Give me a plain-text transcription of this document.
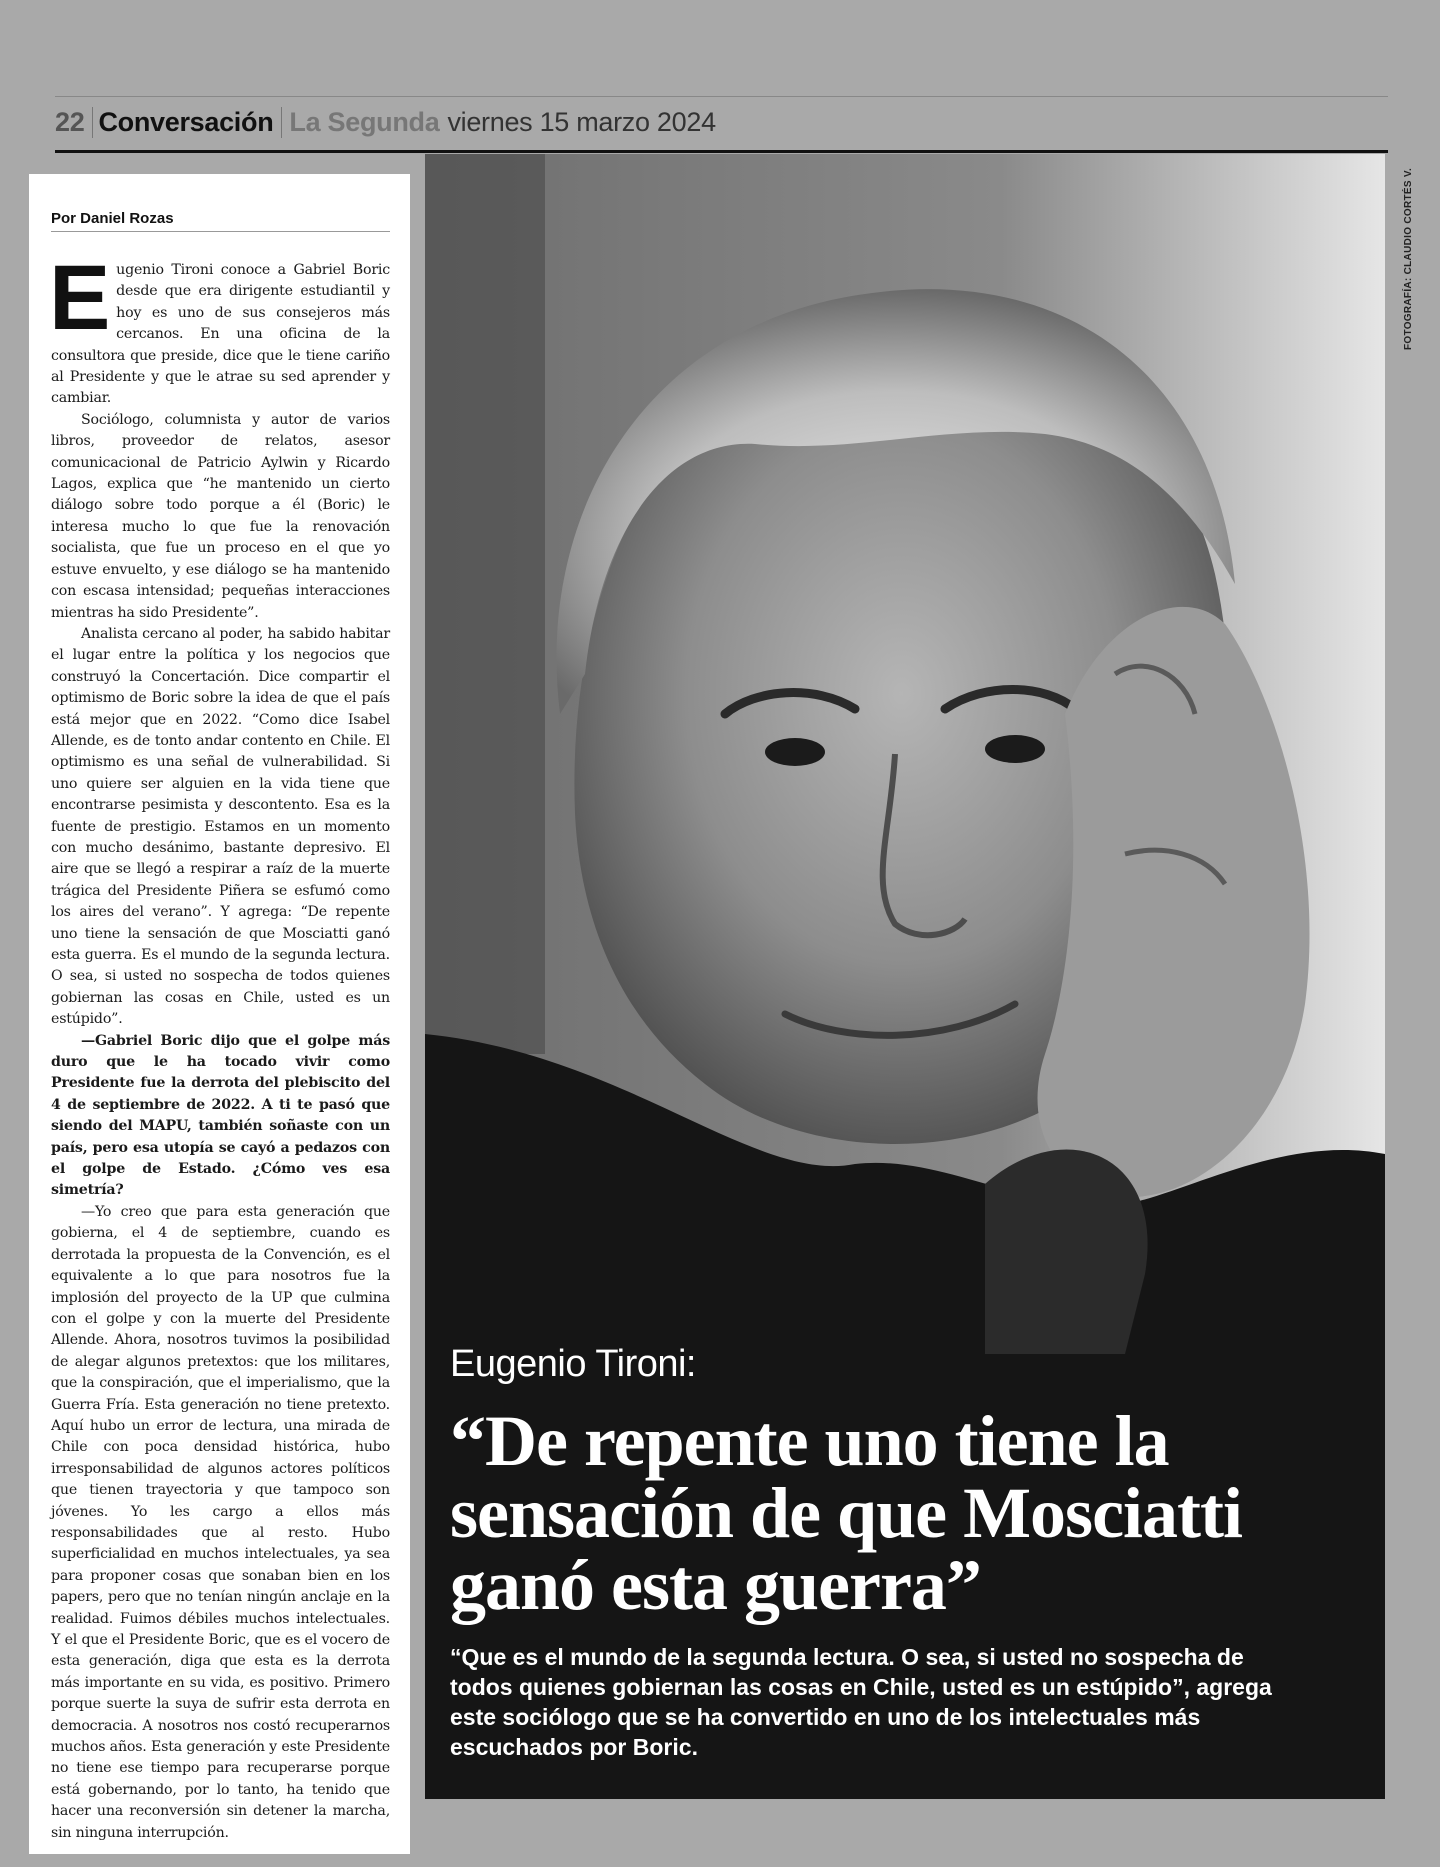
22 Conversación La Segunda viernes 15 marzo 2024
Por Daniel Rozas

Eugenio Tironi conoce a Gabriel Boric desde que era dirigente estudiantil y hoy es uno de sus consejeros más cercanos. En una oficina de la consultora que preside, dice que le tiene cariño al Presidente y que le atrae su sed aprender y cambiar.

Sociólogo, columnista y autor de varios libros, proveedor de relatos, asesor comunicacional de Patricio Aylwin y Ricardo Lagos, explica que “he mantenido un cierto diálogo sobre todo porque a él (Boric) le interesa mucho lo que fue la renovación socialista, que fue un proceso en el que yo estuve envuelto, y ese diálogo se ha mantenido con escasa intensidad; pequeñas interacciones mientras ha sido Presidente”.

Analista cercano al poder, ha sabido habitar el lugar entre la política y los negocios que construyó la Concertación. Dice compartir el optimismo de Boric sobre la idea de que el país está mejor que en 2022. “Como dice Isabel Allende, es de tonto andar contento en Chile. El optimismo es una señal de vulnerabilidad. Si uno quiere ser alguien en la vida tiene que encontrarse pesimista y descontento. Esa es la fuente de prestigio. Estamos en un momento con mucho desánimo, bastante depresivo. El aire que se llegó a respirar a raíz de la muerte trágica del Presidente Piñera se esfumó como los aires del verano”. Y agrega: “De repente uno tiene la sensación de que Mosciatti ganó esta guerra. Es el mundo de la segunda lectura. O sea, si usted no sospecha de todos quienes gobiernan las cosas en Chile, usted es un estúpido”.

—Gabriel Boric dijo que el golpe más duro que le ha tocado vivir como Presidente fue la derrota del plebiscito del 4 de septiembre de 2022. A ti te pasó que siendo del MAPU, también soñaste con un país, pero esa utopía se cayó a pedazos con el golpe de Estado. ¿Cómo ves esa simetría?

—Yo creo que para esta generación que gobierna, el 4 de septiembre, cuando es derrotada la propuesta de la Convención, es el equivalente a lo que para nosotros fue la implosión del proyecto de la UP que culmina con el golpe y con la muerte del Presidente Allende. Ahora, nosotros tuvimos la posibilidad de alegar algunos pretextos: que los militares, que la conspiración, que el imperialismo, que la Guerra Fría. Esta generación no tiene pretexto. Aquí hubo un error de lectura, una mirada de Chile con poca densidad histórica, hubo irresponsabilidad de algunos actores políticos que tienen trayectoria y que tampoco son jóvenes. Yo les cargo a ellos más responsabilidades que al resto. Hubo superficialidad en muchos intelectuales, ya sea para proponer cosas que sonaban bien en los papers, pero que no tenían ningún anclaje en la realidad. Fuimos débiles muchos intelectuales. Y el que el Presidente Boric, que es el vocero de esta generación, diga que esta es la derrota más importante en su vida, es positivo. Primero porque suerte la suya de sufrir esta derrota en democracia. A nosotros nos costó recuperarnos muchos años. Esta generación y este Presidente no tiene ese tiempo para recuperarse porque está gobernando, por lo tanto, ha tenido que hacer una reconversión sin detener la marcha, sin ninguna interrupción.

FOTOGRAFÍA: CLAUDIO CORTÉS V.
Eugenio Tironi:
“De repente uno tiene la sensación de que Mosciatti ganó esta guerra”
“Que es el mundo de la segunda lectura. O sea, si usted no sospecha de todos quienes gobiernan las cosas en Chile, usted es un estúpido”, agrega este sociólogo que se ha convertido en uno de los intelectuales más escuchados por Boric.
